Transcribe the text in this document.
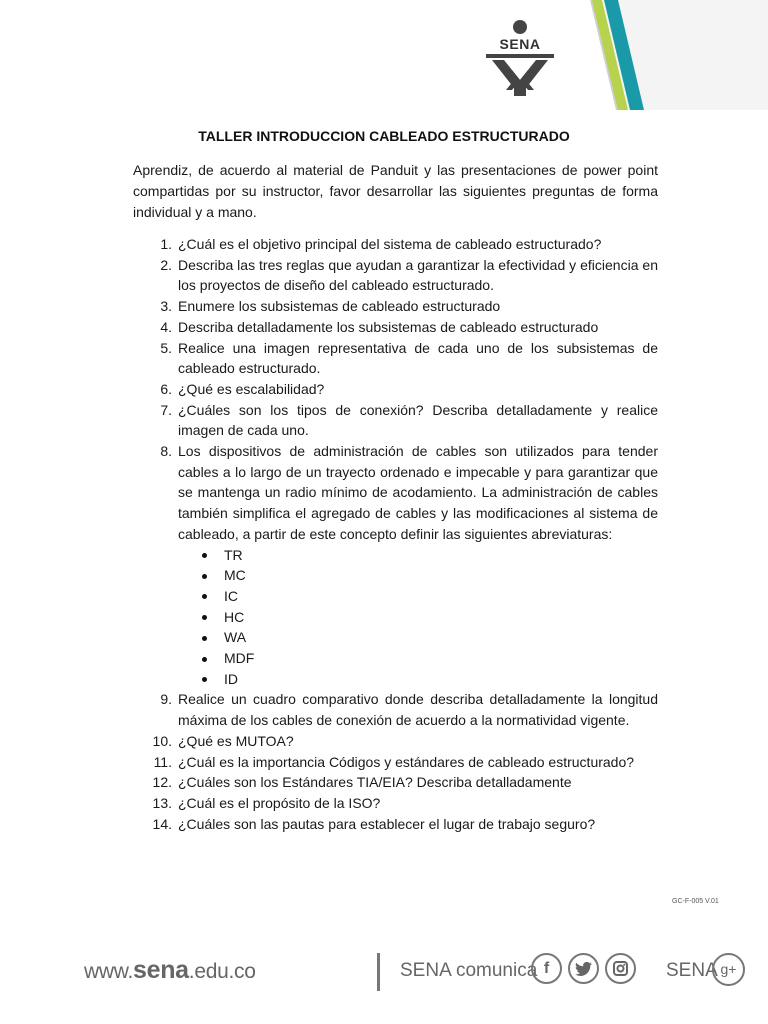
SENA
TALLER INTRODUCCION CABLEADO ESTRUCTURADO
Aprendiz, de acuerdo al material de Panduit y las presentaciones de power point compartidas por su instructor, favor desarrollar las siguientes preguntas de forma individual y a mano.
1. ¿Cuál es el objetivo principal del sistema de cableado estructurado?
2. Describa las tres reglas que ayudan a garantizar la efectividad y eficiencia en los proyectos de diseño del cableado estructurado.
3. Enumere los subsistemas de cableado estructurado
4. Describa detalladamente los subsistemas de cableado estructurado
5. Realice una imagen representativa de cada uno de los subsistemas de cableado estructurado.
6. ¿Qué es escalabilidad?
7. ¿Cuáles son los tipos de conexión? Describa detalladamente y realice imagen de cada uno.
8. Los dispositivos de administración de cables son utilizados para tender cables a lo largo de un trayecto ordenado e impecable y para garantizar que se mantenga un radio mínimo de acodamiento. La administración de cables también simplifica el agregado de cables y las modificaciones al sistema de cableado, a partir de este concepto definir las siguientes abreviaturas:
TR
MC
IC
HC
WA
MDF
ID
9. Realice un cuadro comparativo donde describa detalladamente la longitud máxima de los cables de conexión de acuerdo a la normatividad vigente.
10. ¿Qué es MUTOA?
11. ¿Cuál es la importancia Códigos y estándares de cableado estructurado?
12. ¿Cuáles son los Estándares TIA/EIA? Describa detalladamente
13. ¿Cuál es el propósito de la ISO?
14. ¿Cuáles son las pautas para establecer el lugar de trabajo seguro?
GC-F-005 V.01
www.sena.edu.co	SENA comunica f	SENA g+
